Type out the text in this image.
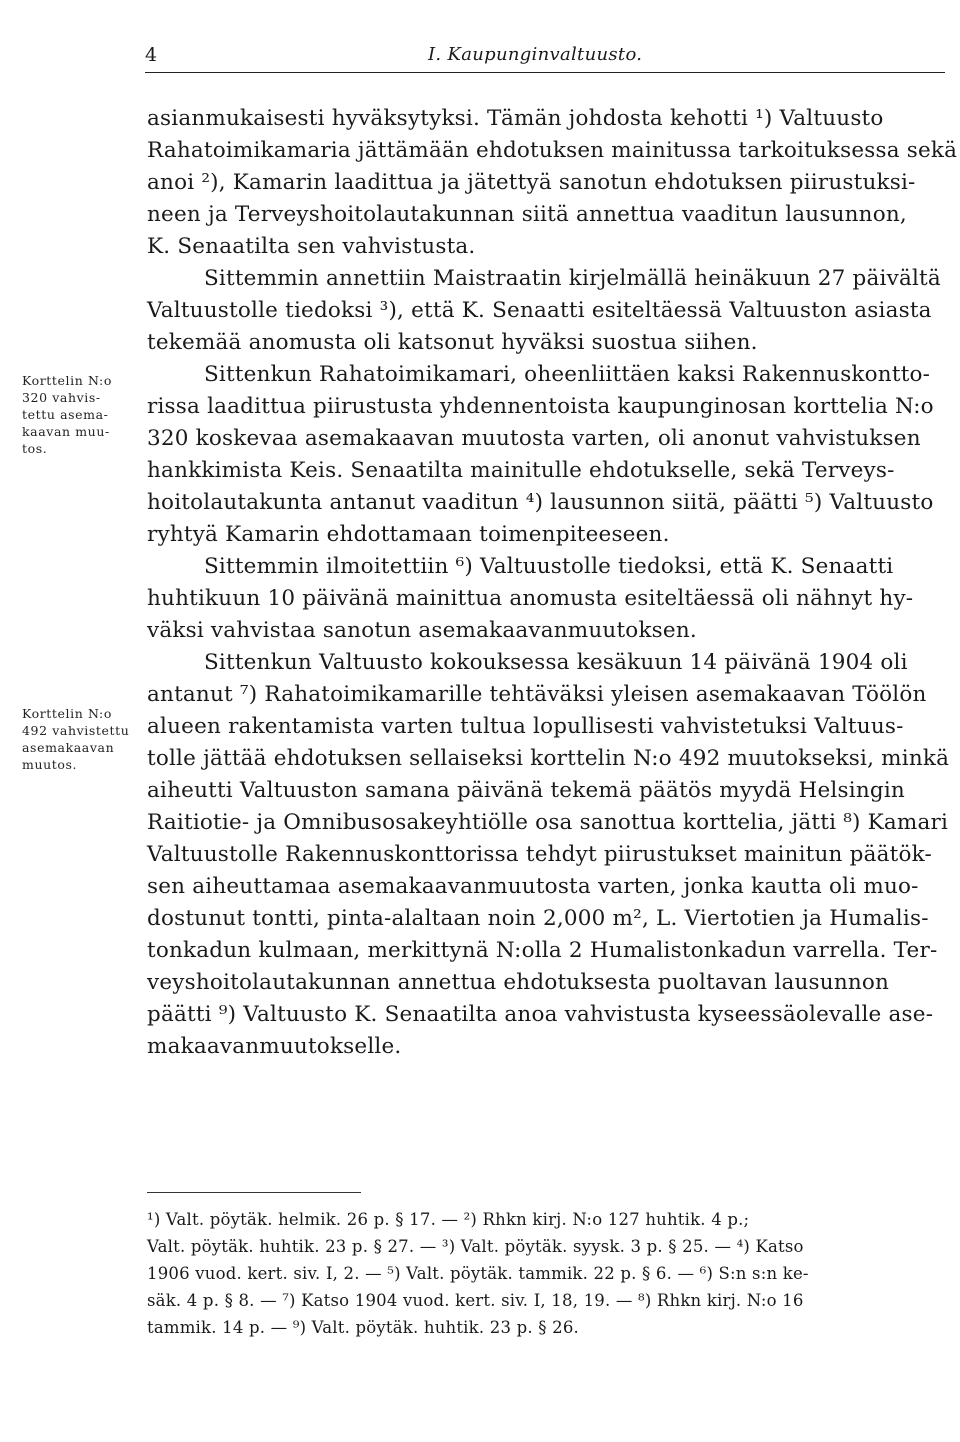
4	I. Kaupunginvaltuusto.
Korttelin N:o
320 vahvis-
tettu asema-
kaavan muu-
tos.
Korttelin N:o
492 vahvistettu
asemakaavan
muutos.

asianmukaisesti hyväksytyksi. Tämän johdosta kehotti ¹) Valtuusto
Rahatoimikamaria jättämään ehdotuksen mainitussa tarkoituksessa sekä
anoi ²), Kamarin laadittua ja jätettyä sanotun ehdotuksen piirustuksi-
neen ja Terveyshoitolautakunnan siitä annettua vaaditun lausunnon,
K. Senaatilta sen vahvistusta.

Sittemmin annettiin Maistraatin kirjelmällä heinäkuun 27 päivältä
Valtuustolle tiedoksi ³), että K. Senaatti esiteltäessä Valtuuston asiasta
tekemää anomusta oli katsonut hyväksi suostua siihen.

Sittenkun Rahatoimikamari, oheenliittäen kaksi Rakennuskontto-
rissa laadittua piirustusta yhdennentoista kaupunginosan korttelia N:o
320 koskevaa asemakaavan muutosta varten, oli anonut vahvistuksen
hankkimista Keis. Senaatilta mainitulle ehdotukselle, sekä Terveys-
hoitolautakunta antanut vaaditun ⁴) lausunnon siitä, päätti ⁵) Valtuusto
ryhtyä Kamarin ehdottamaan toimenpiteeseen.

Sittemmin ilmoitettiin ⁶) Valtuustolle tiedoksi, että K. Senaatti
huhtikuun 10 päivänä mainittua anomusta esiteltäessä oli nähnyt hy-
väksi vahvistaa sanotun asemakaavanmuutoksen.

Sittenkun Valtuusto kokouksessa kesäkuun 14 päivänä 1904 oli
antanut ⁷) Rahatoimikamarille tehtäväksi yleisen asemakaavan Töölön
alueen rakentamista varten tultua lopullisesti vahvistetuksi Valtuus-
tolle jättää ehdotuksen sellaiseksi korttelin N:o 492 muutokseksi, minkä
aiheutti Valtuuston samana päivänä tekemä päätös myydä Helsingin
Raitiotie- ja Omnibusosakeyhtiölle osa sanottua korttelia, jätti ⁸) Kamari
Valtuustolle Rakennuskonttorissa tehdyt piirustukset mainitun päätök-
sen aiheuttamaa asemakaavanmuutosta varten, jonka kautta oli muo-
dostunut tontti, pinta-alaltaan noin 2,000 m², L. Viertotien ja Humalis-
tonkadun kulmaan, merkittynä N:olla 2 Humalistonkadun varrella. Ter-
veyshoitolautakunnan annettua ehdotuksesta puoltavan lausunnon
päätti ⁹) Valtuusto K. Senaatilta anoa vahvistusta kyseessäolevalle ase-
makaavanmuutokselle.

¹) Valt. pöytäk. helmik. 26 p. § 17. — ²) Rhkn kirj. N:o 127 huhtik. 4 p.;
Valt. pöytäk. huhtik. 23 p. § 27. — ³) Valt. pöytäk. syysk. 3 p. § 25. — ⁴) Katso
1906 vuod. kert. siv. I, 2. — ⁵) Valt. pöytäk. tammik. 22 p. § 6. — ⁶) S:n s:n ke-
säk. 4 p. § 8. — ⁷) Katso 1904 vuod. kert. siv. I, 18, 19. — ⁸) Rhkn kirj. N:o 16
tammik. 14 p. — ⁹) Valt. pöytäk. huhtik. 23 p. § 26.
